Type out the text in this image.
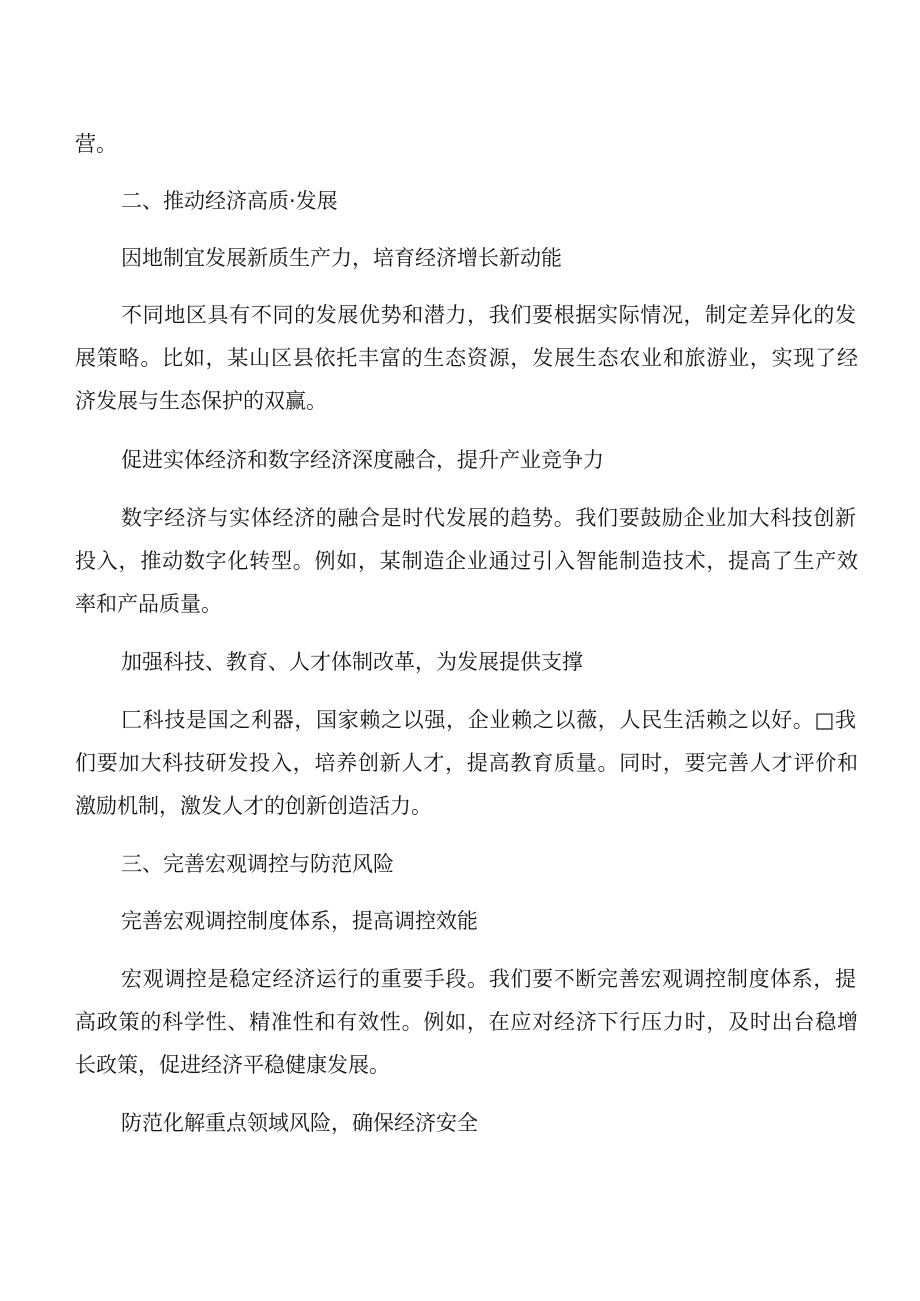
营。
二、推动经济高质·发展
因地制宜发展新质生产力，培育经济增长新动能
不同地区具有不同的发展优势和潜力，我们要根据实际情况，制定差异化的发
展策略。比如，某山区县依托丰富的生态资源，发展生态农业和旅游业，实现了经
济发展与生态保护的双赢。
促进实体经济和数字经济深度融合，提升产业竞争力
数字经济与实体经济的融合是时代发展的趋势。我们要鼓励企业加大科技创新
投入，推动数字化转型。例如，某制造企业通过引入智能制造技术，提高了生产效
率和产品质量。
加强科技、教育、人才体制改革，为发展提供支撑
匚科技是国之利器，国家赖之以强，企业赖之以薇，人民生活赖之以好。□我
们要加大科技研发投入，培养创新人才，提高教育质量。同时，要完善人才评价和
激励机制，激发人才的创新创造活力。
三、完善宏观调控与防范风险
完善宏观调控制度体系，提高调控效能
宏观调控是稳定经济运行的重要手段。我们要不断完善宏观调控制度体系，提
高政策的科学性、精准性和有效性。例如，在应对经济下行压力时，及时出台稳增
长政策，促进经济平稳健康发展。
防范化解重点领域风险，确保经济安全
